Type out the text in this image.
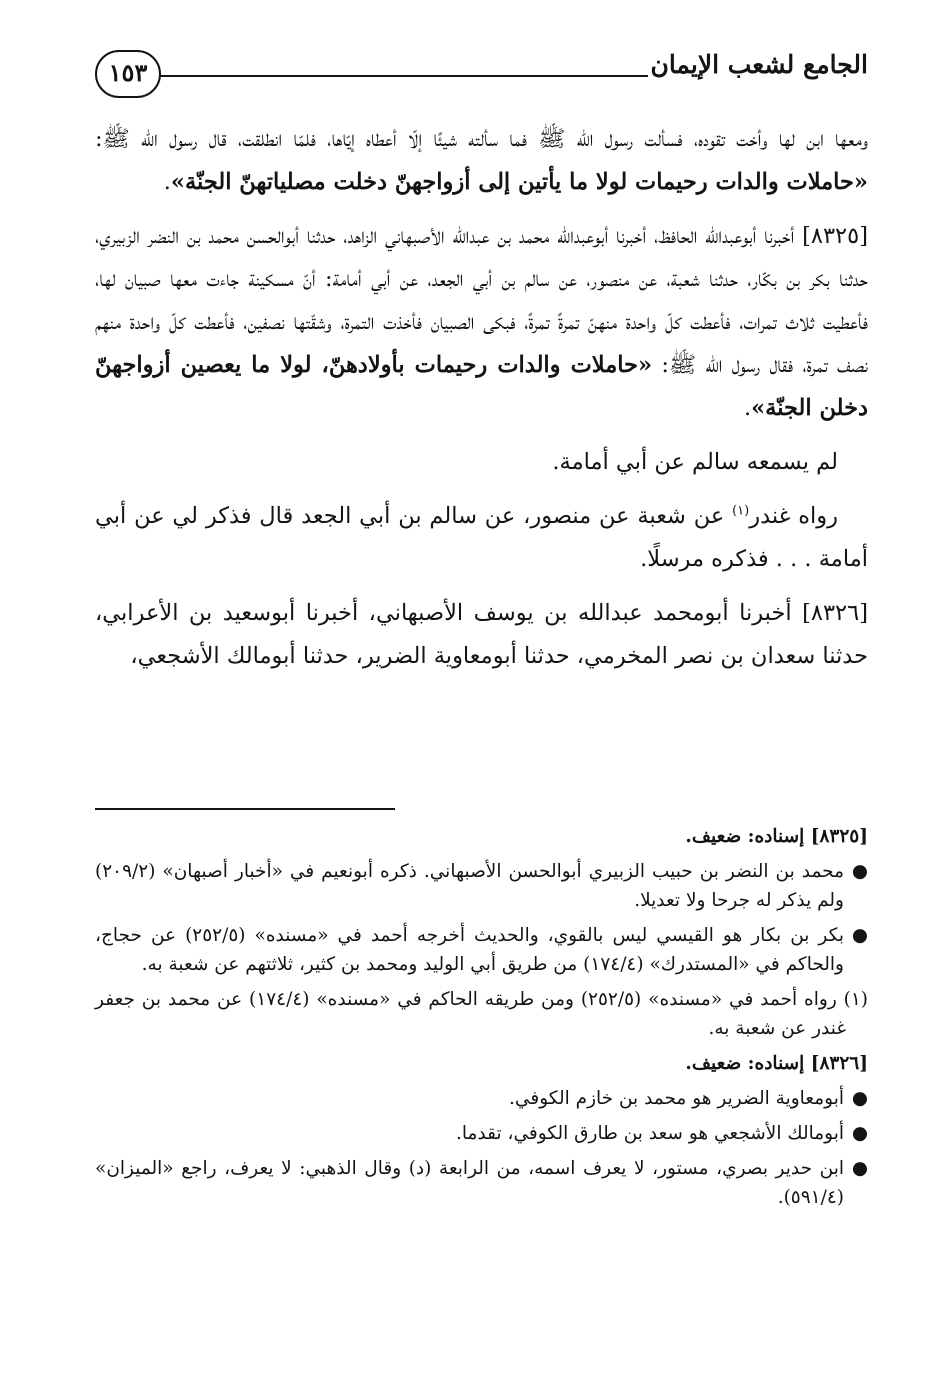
الجامع لشعب الإيمان
١٥٣

ومعها ابن لها وأخت تقوده، فسألت رسول الله ﷺ فما سألته شيئًا إلّا أعطاه إيّاها، فلمّا انطلقت، قال رسول الله ﷺ: «حاملات والدات رحيمات لولا ما يأتين إلى أزواجهنّ دخلت مصلياتهنّ الجنّة».

[٨٣٢٥] أخبرنا أبوعبدالله الحافظ، أخبرنا أبوعبدالله محمد بن عبدالله الأصبهاني الزاهد، حدثنا أبوالحسن محمد بن النضر الزبيري، حدثنا بكر بن بكّار، حدثنا شعبة، عن منصور، عن سالم بن أبي الجعد، عن أبي أمامة: أنّ مسكينة جاءت معها صبيان لها، فأعطيت ثلاث تمرات، فأعطت كلّ واحدة منهنّ تمرةً تمرةً، فبكى الصبيان فأخذت التمرة، وشقّتها نصفين، فأعطت كلّ واحدة منهم نصف تمرة، فقال رسول الله ﷺ: «حاملات والدات رحيمات بأولادهنّ، لولا ما يعصين أزواجهنّ دخلن الجنّة».

لم يسمعه سالم عن أبي أمامة.

رواه غندر$^{(١)}$ عن شعبة عن منصور، عن سالم بن أبي الجعد قال فذكر لي عن أبي أمامة . . . فذكره مرسلًا.

[٨٣٢٦] أخبرنا أبومحمد عبدالله بن يوسف الأصبهاني، أخبرنا أبوسعيد بن الأعرابي، حدثنا سعدان بن نصر المخرمي، حدثنا أبومعاوية الضرير، حدثنا أبومالك الأشجعي،

[٨٣٢٥] إسناده: ضعيف.

●
محمد بن النضر بن حبيب الزبيري أبوالحسن الأصبهاني. ذكره أبونعيم في «أخبار أصبهان» (٢٠٩/٢) ولم يذكر له جرحا ولا تعديلا.
●
بكر بن بكار هو القيسي ليس بالقوي، والحديث أخرجه أحمد في «مسنده» (٢٥٢/٥) عن حجاج، والحاكم في «المستدرك» (١٧٤/٤) من طريق أبي الوليد ومحمد بن كثير، ثلاثتهم عن شعبة به.

(١) رواه أحمد في «مسنده» (٢٥٢/٥) ومن طريقه الحاكم في «مسنده» (١٧٤/٤) عن محمد بن جعفر غندر عن شعبة به.

[٨٣٢٦] إسناده: ضعيف.

●
أبومعاوية الضرير هو محمد بن خازم الكوفي.
●
أبومالك الأشجعي هو سعد بن طارق الكوفي، تقدما.
●
ابن حدير بصري، مستور، لا يعرف اسمه، من الرابعة (د) وقال الذهبي: لا يعرف، راجع «الميزان» (٥٩١/٤).
